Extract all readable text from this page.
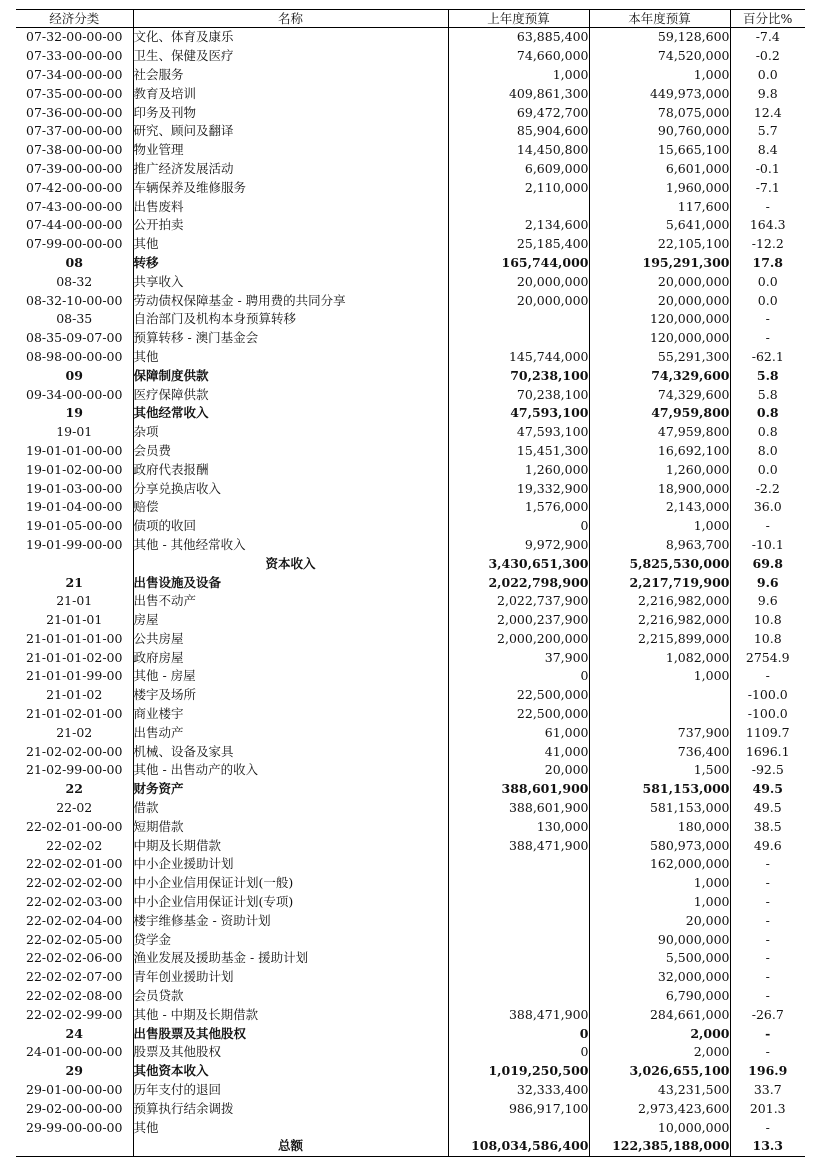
经济分类	名称	上年度预算	本年度预算	百分比%
07-32-00-00-00	文化、体育及康乐	63,885,400	59,128,600	-7.4
07-33-00-00-00	卫生、保健及医疗	74,660,000	74,520,000	-0.2
07-34-00-00-00	社会服务	1,000	1,000	0.0
07-35-00-00-00	教育及培训	409,861,300	449,973,000	9.8
07-36-00-00-00	印务及刊物	69,472,700	78,075,000	12.4
07-37-00-00-00	研究、顾问及翻译	85,904,600	90,760,000	5.7
07-38-00-00-00	物业管理	14,450,800	15,665,100	8.4
07-39-00-00-00	推广经济发展活动	6,609,000	6,601,000	-0.1
07-42-00-00-00	车辆保养及维修服务	2,110,000	1,960,000	-7.1
07-43-00-00-00	出售废料		117,600	-
07-44-00-00-00	公开拍卖	2,134,600	5,641,000	164.3
07-99-00-00-00	其他	25,185,400	22,105,100	-12.2
08	转移	165,744,000	195,291,300	17.8
08-32	共享收入	20,000,000	20,000,000	0.0
08-32-10-00-00	劳动债权保障基金 - 聘用费的共同分享	20,000,000	20,000,000	0.0
08-35	自治部门及机构本身预算转移		120,000,000	-
08-35-09-07-00	预算转移 - 澳门基金会		120,000,000	-
08-98-00-00-00	其他	145,744,000	55,291,300	-62.1
09	保障制度供款	70,238,100	74,329,600	5.8
09-34-00-00-00	医疗保障供款	70,238,100	74,329,600	5.8
19	其他经常收入	47,593,100	47,959,800	0.8
19-01	杂项	47,593,100	47,959,800	0.8
19-01-01-00-00	会员费	15,451,300	16,692,100	8.0
19-01-02-00-00	政府代表报酬	1,260,000	1,260,000	0.0
19-01-03-00-00	分享兑换店收入	19,332,900	18,900,000	-2.2
19-01-04-00-00	赔偿	1,576,000	2,143,000	36.0
19-01-05-00-00	债项的收回	0	1,000	-
19-01-99-00-00	其他 - 其他经常收入	9,972,900	8,963,700	-10.1
	资本收入	3,430,651,300	5,825,530,000	69.8
21	出售设施及设备	2,022,798,900	2,217,719,900	9.6
21-01	出售不动产	2,022,737,900	2,216,982,000	9.6
21-01-01	房屋	2,000,237,900	2,216,982,000	10.8
21-01-01-01-00	公共房屋	2,000,200,000	2,215,899,000	10.8
21-01-01-02-00	政府房屋	37,900	1,082,000	2754.9
21-01-01-99-00	其他 - 房屋	0	1,000	-
21-01-02	楼宇及场所	22,500,000		-100.0
21-01-02-01-00	商业楼宇	22,500,000		-100.0
21-02	出售动产	61,000	737,900	1109.7
21-02-02-00-00	机械、设备及家具	41,000	736,400	1696.1
21-02-99-00-00	其他 - 出售动产的收入	20,000	1,500	-92.5
22	财务资产	388,601,900	581,153,000	49.5
22-02	借款	388,601,900	581,153,000	49.5
22-02-01-00-00	短期借款	130,000	180,000	38.5
22-02-02	中期及长期借款	388,471,900	580,973,000	49.6
22-02-02-01-00	中小企业援助计划		162,000,000	-
22-02-02-02-00	中小企业信用保证计划(一般)		1,000	-
22-02-02-03-00	中小企业信用保证计划(专项)		1,000	-
22-02-02-04-00	楼宇维修基金 - 资助计划		20,000	-
22-02-02-05-00	贷学金		90,000,000	-
22-02-02-06-00	渔业发展及援助基金 - 援助计划		5,500,000	-
22-02-02-07-00	青年创业援助计划		32,000,000	-
22-02-02-08-00	会员贷款		6,790,000	-
22-02-02-99-00	其他 - 中期及长期借款	388,471,900	284,661,000	-26.7
24	出售股票及其他股权	0	2,000	-
24-01-00-00-00	股票及其他股权	0	2,000	-
29	其他资本收入	1,019,250,500	3,026,655,100	196.9
29-01-00-00-00	历年支付的退回	32,333,400	43,231,500	33.7
29-02-00-00-00	预算执行结余调拨	986,917,100	2,973,423,600	201.3
29-99-00-00-00	其他		10,000,000	-
	总额	108,034,586,400	122,385,188,000	13.3
